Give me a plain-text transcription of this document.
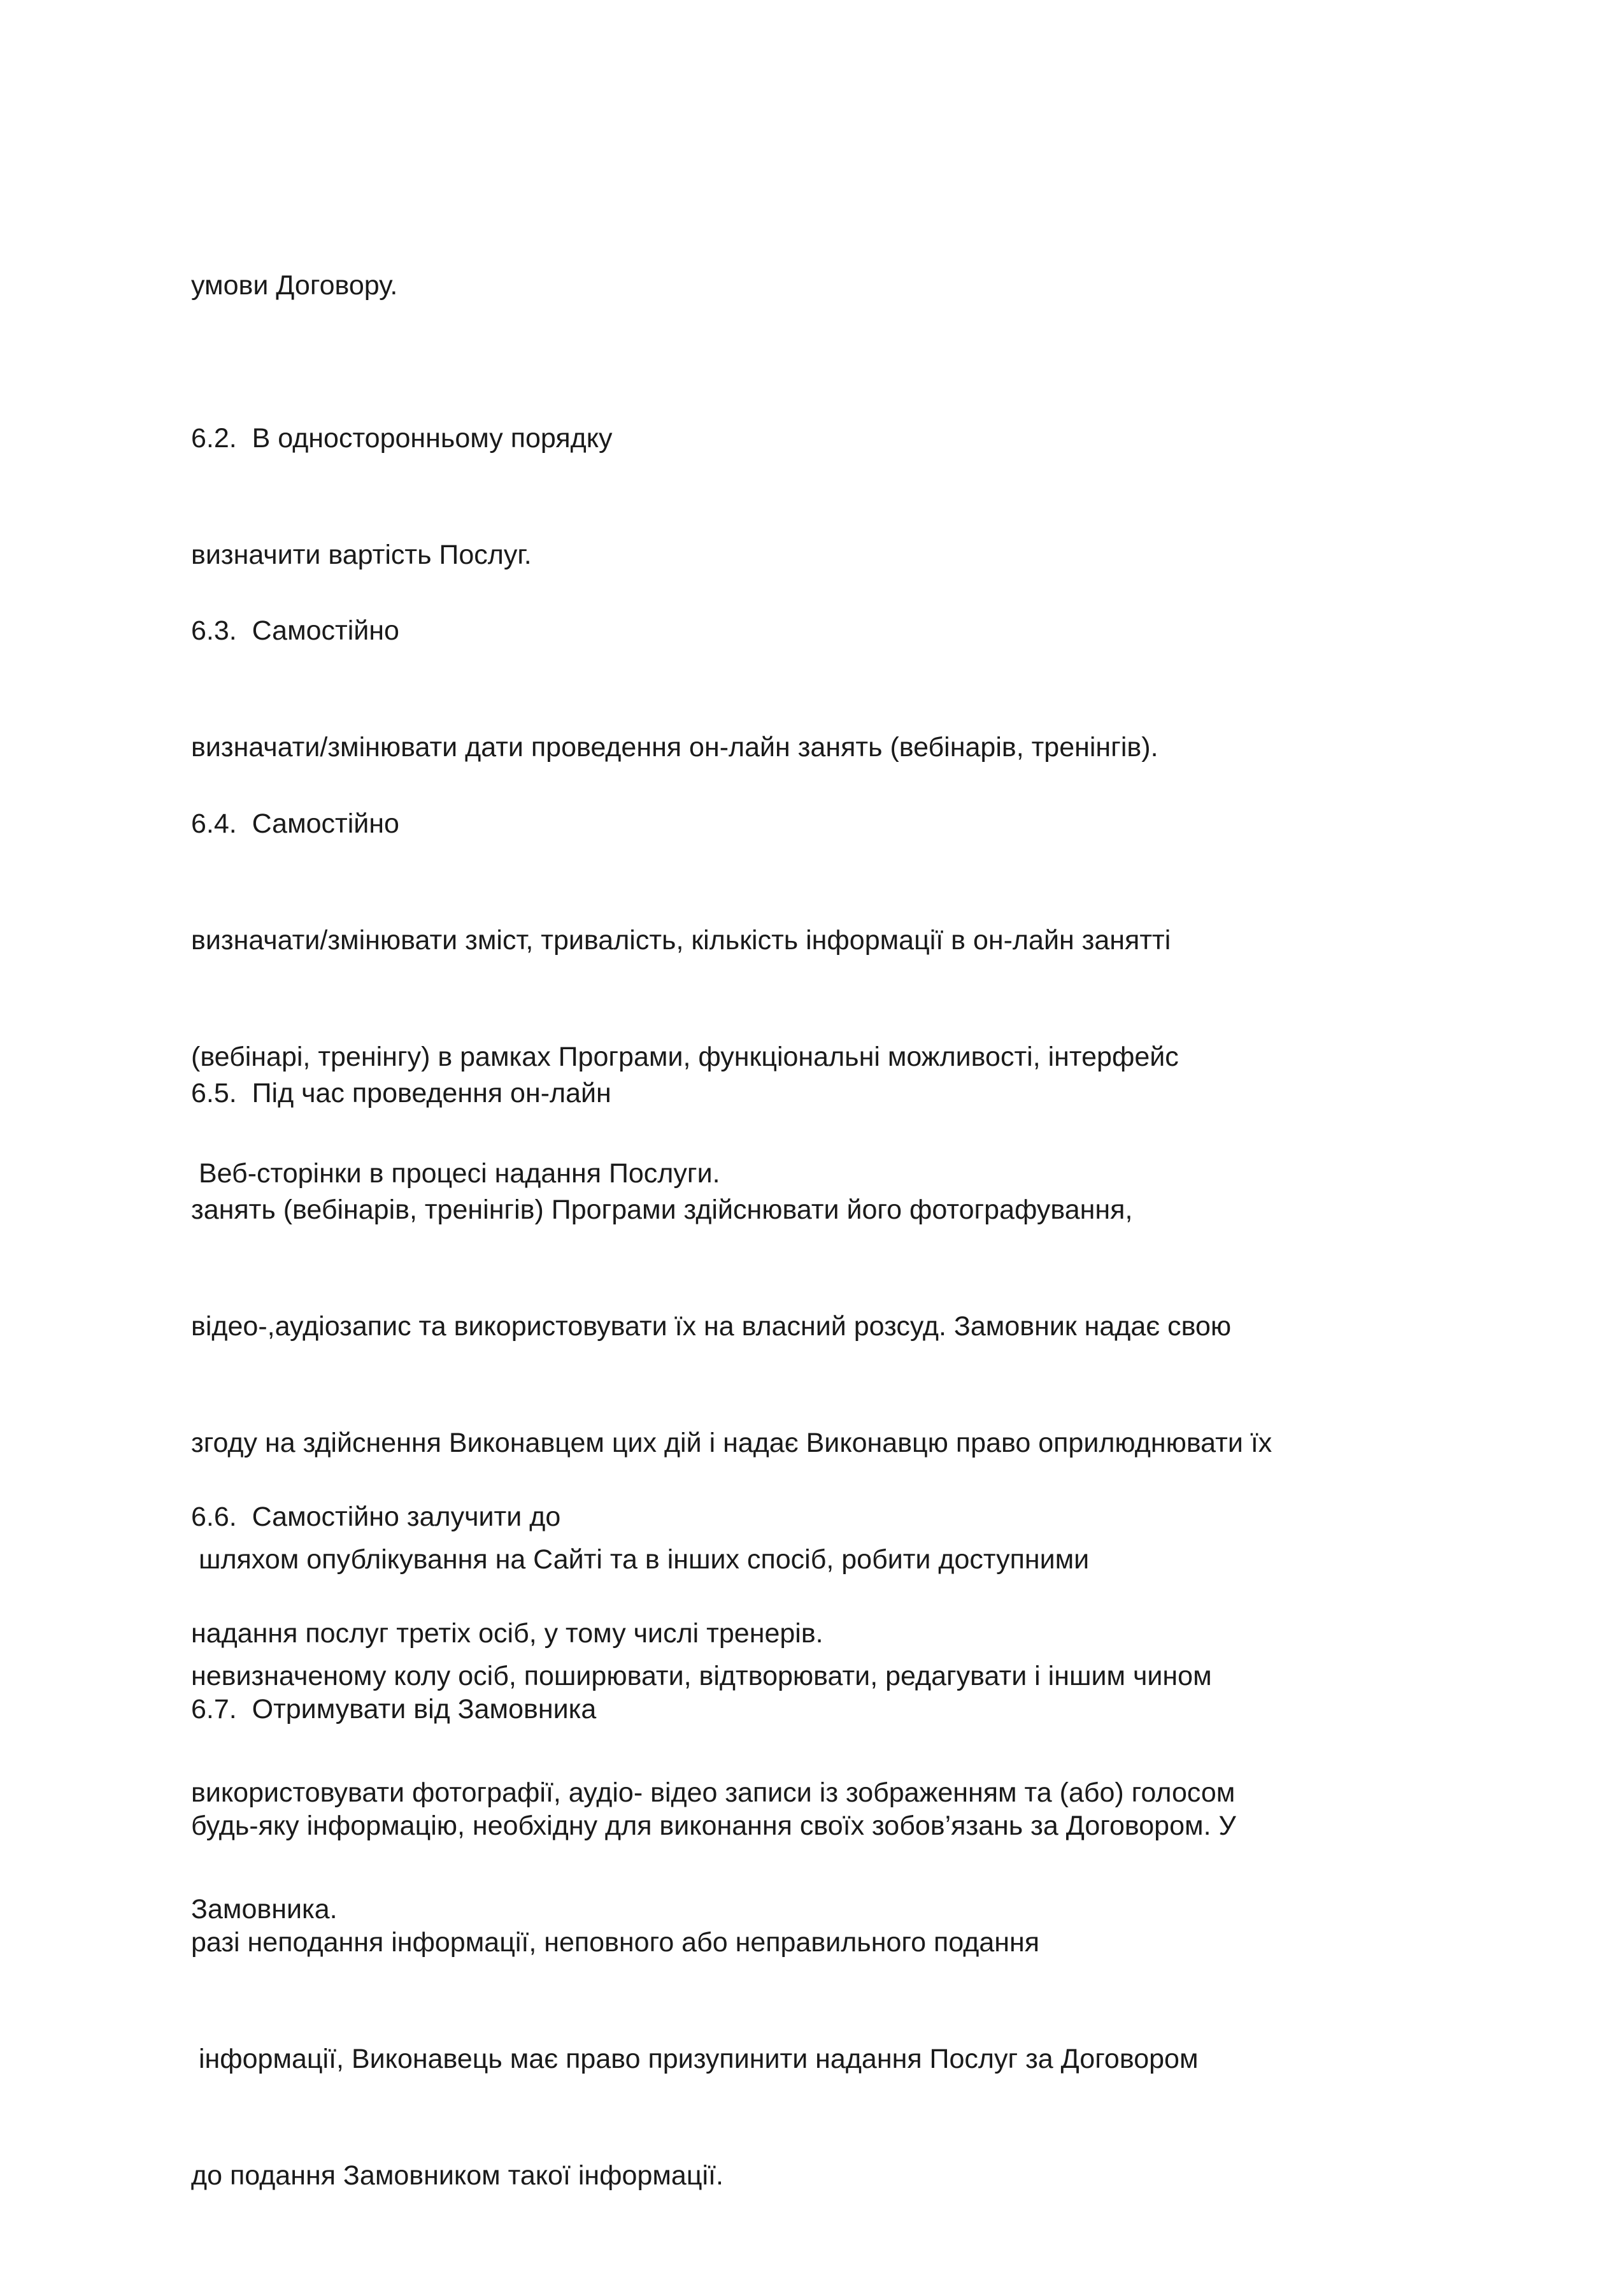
умови Договору.

6.2.  В односторонньому порядку

визначити вартість Послуг.

6.3.  Самостійно

визначати/змінювати дати проведення он-лайн занять (вебінарів, тренінгів).

6.4.  Самостійно

визначати/змінювати зміст, тривалість, кількість інформації в он-лайн занятті

(вебінарі, тренінгу) в рамках Програми, функціональні можливості, інтерфейс

Веб-сторінки в процесі надання Послуги.

6.5.  Під час проведення он-лайн

занять (вебінарів, тренінгів) Програми здійснювати його фотографування,

відео-,аудіозапис та використовувати їх на власний розсуд. Замовник надає свою

згоду на здійснення Виконавцем цих дій і надає Виконавцю право оприлюднювати їх

шляхом опублікування на Сайті та в інших спосіб, робити доступними

невизначеному колу осіб, поширювати, відтворювати, редагувати і іншим чином

використовувати фотографії, аудіо- відео записи із зображенням та (або) голосом

Замовника.

6.6.  Самостійно залучити до

надання послуг третіх осіб, у тому числі тренерів.

6.7.  Отримувати від Замовника

будь-яку інформацію, необхідну для виконання своїх зобов’язань за Договором. У

разі неподання інформації, неповного або неправильного подання

інформації, Виконавець має право призупинити надання Послуг за Договором

до подання Замовником такої інформації.
